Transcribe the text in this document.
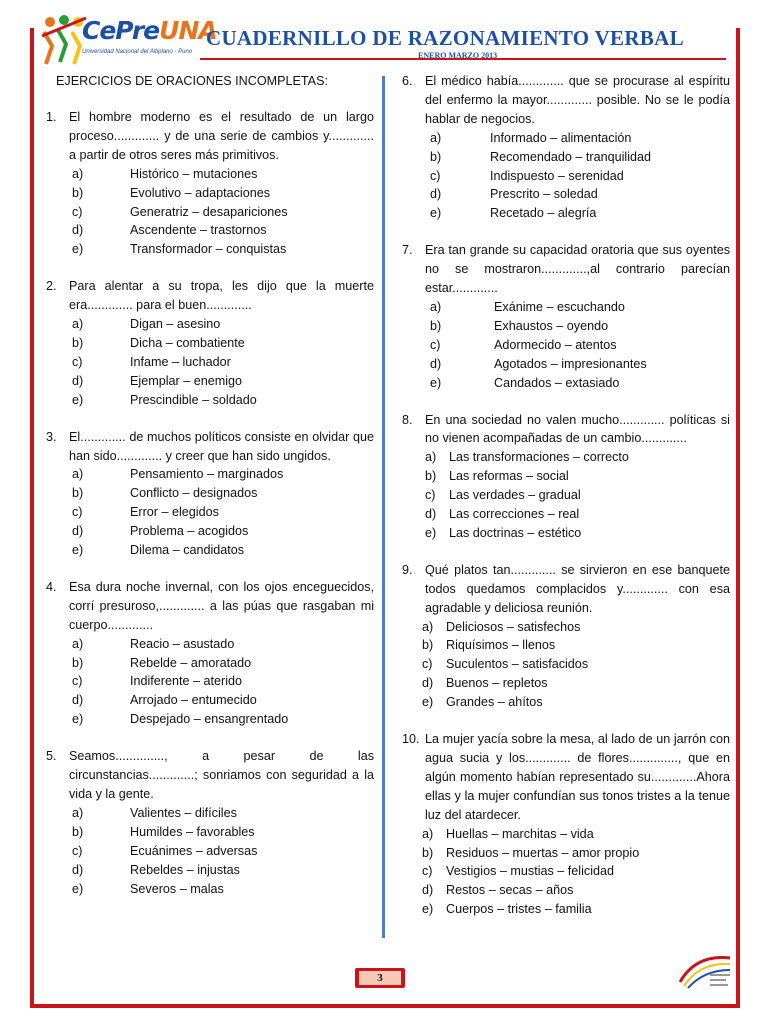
CePreUNA
Universidad Nacional del Altiplano - Puno
CUADERNILLO DE RAZONAMIENTO VERBAL
ENERO MARZO 2013
EJERCICIOS DE ORACIONES INCOMPLETAS:
1. El hombre moderno es el resultado de un largo proceso............. y de una serie de cambios y............. a partir de otros seres más primitivos.
a)	Histórico – mutaciones
b)	Evolutivo – adaptaciones
c)	Generatriz – desapariciones
d)	Ascendente – trastornos
e)	Transformador – conquistas
2. Para alentar a su tropa, les dijo que la muerte era............. para el buen.............
a)	Digan – asesino
b)	Dicha – combatiente
c)	Infame – luchador
d)	Ejemplar – enemigo
e)	Prescindible – soldado
3. El............. de muchos políticos consiste en olvidar que han sido............. y creer que han sido ungidos.
a)	Pensamiento – marginados
b)	Conflicto – designados
c)	Error – elegidos
d)	Problema – acogidos
e)	Dilema – candidatos
4. Esa dura noche invernal, con los ojos enceguecidos, corrí presuroso,............. a las púas que rasgaban mi cuerpo.............
a)	Reacio – asustado
b)	Rebelde – amoratado
c)	Indiferente – aterido
d)	Arrojado – entumecido
e)	Despejado – ensangrentado
5. Seamos.............., a pesar de las circunstancias.............; sonriamos con seguridad a la vida y la gente.
a)	Valientes – difíciles
b)	Humildes – favorables
c)	Ecuánimes – adversas
d)	Rebeldes – injustas
e)	Severos – malas
6. El médico había............. que se procurase al espíritu del enfermo la mayor............. posible. No se le podía hablar de negocios.
a)	Informado – alimentación
b)	Recomendado – tranquilidad
c)	Indispuesto – serenidad
d)	Prescrito – soledad
e)	Recetado – alegría
7. Era tan grande su capacidad oratoria que sus oyentes no se mostraron.............,al contrario parecían estar.............
a)	Exánime – escuchando
b)	Exhaustos – oyendo
c)	Adormecido – atentos
d)	Agotados – impresionantes
e)	Candados – extasiado
8. En una sociedad no valen mucho............. políticas si no vienen acompañadas de un cambio.............
a)	Las transformaciones – correcto
b)	Las reformas – social
c)	Las verdades – gradual
d)	Las correcciones – real
e)	Las doctrinas – estético
9. Qué platos tan............. se sirvieron en ese banquete todos quedamos complacidos y............. con esa agradable y deliciosa reunión.
a)	Deliciosos – satisfechos
b)	Riquísimos – llenos
c)	Suculentos – satisfacidos
d)	Buenos – repletos
e)	Grandes – ahítos
10. La mujer yacía sobre la mesa, al lado de un jarrón con agua sucia y los............. de flores.............., que en algún momento habían representado su.............Ahora ellas y la mujer confundían sus tonos tristes a la tenue luz del atardecer.
a)	Huellas – marchitas – vida
b)	Residuos – muertas – amor propio
c)	Vestigios – mustias – felicidad
d)	Restos – secas – años
e)	Cuerpos – tristes – familia
3
